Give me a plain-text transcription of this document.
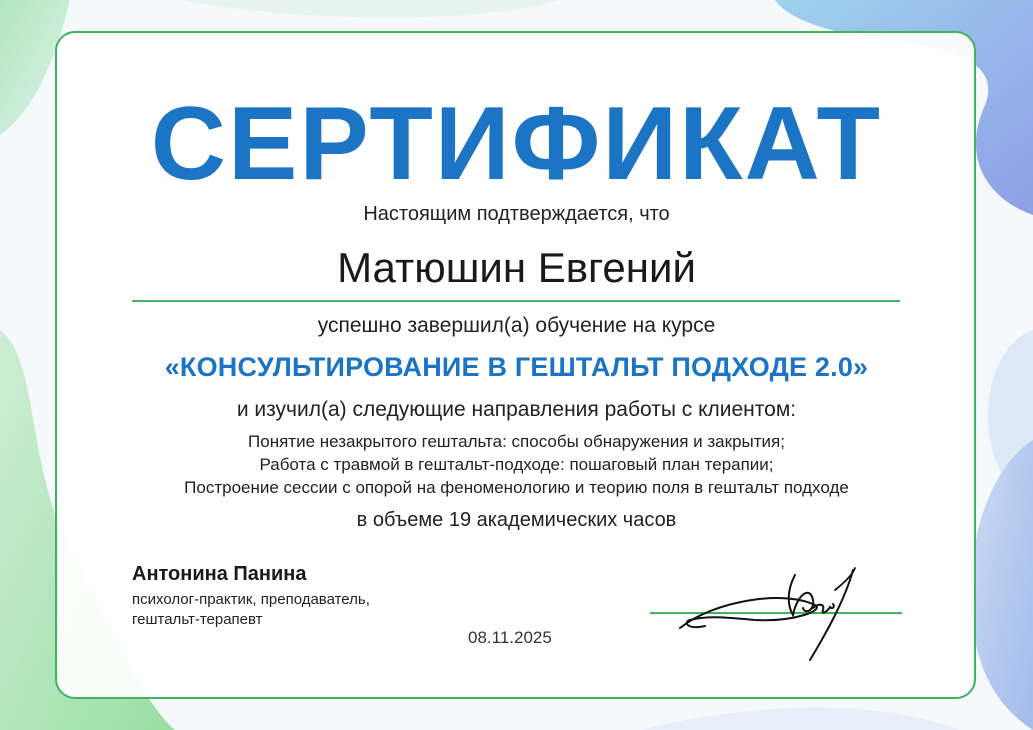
СЕРТИФИКАТ
Настоящим подтверждается, что
Матюшин Евгений
успешно завершил(а) обучение на курсе
«КОНСУЛЬТИРОВАНИЕ В ГЕШТАЛЬТ ПОДХОДЕ 2.0»
и изучил(а) следующие направления работы с клиентом:
Понятие незакрытого гештальта: способы обнаружения и закрытия;
Работа с травмой в гештальт-подходе: пошаговый план терапии;
Построение сессии с опорой на феноменологию и теорию поля в гештальт подходе
в объеме 19 академических часов
Антонина Панина
психолог-практик, преподаватель,
гештальт-терапевт
08.11.2025
